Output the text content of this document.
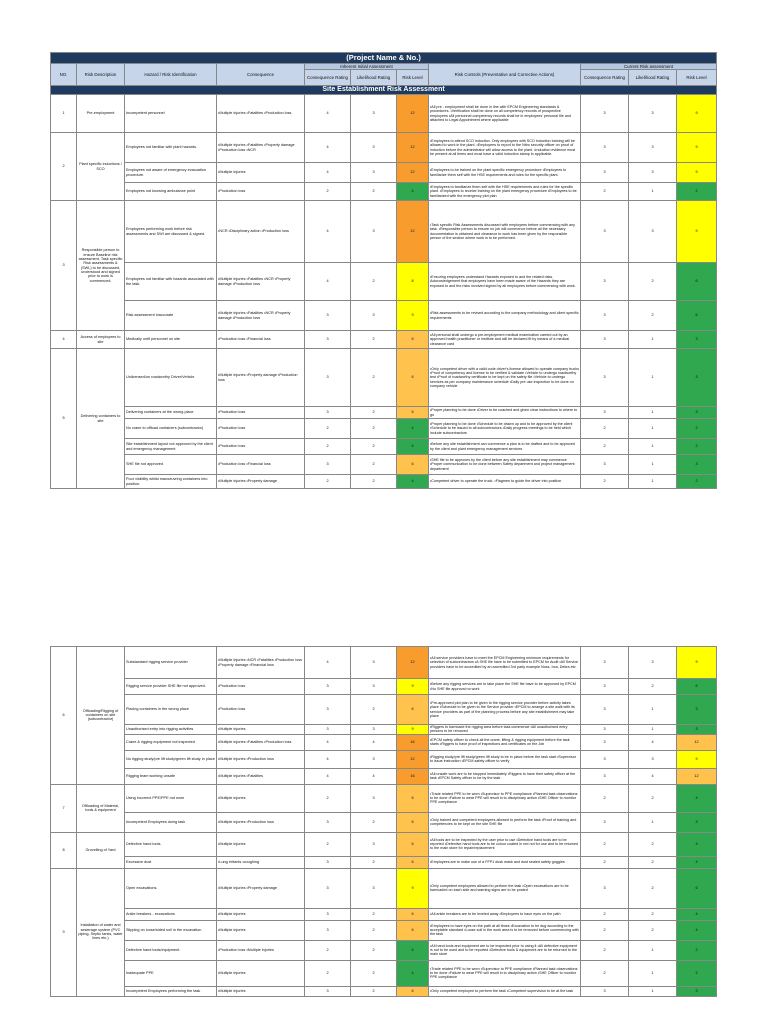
(Project Name & No.)										
NO.	Risk Description	Hazard / Risk Identification	Consequence	Inherent Initial Assessment			Risk Controls (Preventative and Corrective Actions)	Current Risk assessment		
				Consequence Rating	Likelihood Rating	Risk Level		Consequence Rating	Likelihood Rating	Risk Level
Site Establishment Risk Assessment										
1	Pre-employment	Incompetent personnel	•Multiple injuries •Fatalities •Production loss	4	3	12	•All pre - employment shall be done in line with EPCM Engineering standards & procedures. •Verification shall be done on all competency records of prospective employees •All personnel competency records shall be in employees' personal file and attached to Legal Appointment where applicable	3	3	9
2	Plant specific inductions / SCO	Employees not familiar with plant hazards.	•Multiple injuries •Fatalities •Property damage •Production loss •NCR	4	3	12	•Employees to attend SCO induction. Only employees with SCO induction training will be allowed to work in the plant. •Employees to report to the Nitro security officer on proof of induction before the administrator will allow access to the plant. •Induction evidence must be present at all times and must have a valid induction stamp in applicable.	3	3	9
		Employees not aware of emergency evacuation procedure.	•Multiple injuries	4	3	12	•Employees to be trained on the plant specific emergency procedure •Employees to familiarize them self with the HSE requirements and rules for the specific plant.	3	3	9
		Employees not knowing ambulance point	•Production loss	2	2	4	•Employees to familiarize them self with the HSE requirements and rules for the specific plant. •Employees to receive training on the plant emergency procedure •Employees to be familiarized with the emergency plot plan	2	1	2
3	Responsible person to ensure Baseline risk assessment, Task specific Risk assessments & (SWL) to be discussed, understood and signed prior to work is commenced.	Employees performing work before risk assessments and SWI are discussed & signed.	•NCR •Disciplinary action •Production loss	4	3	12	•Task specific Risk Assessments discussed with employees before commencing with any task. •Responsible person to ensure no job will commence before all the necessary documentation is obtained and clearance to work has been given by the responsible person of the section where work is to be performed.	3	3	9
		Employees not familiar with hazards associated with the task.	•Multiple injuries •Fatalities •NCR •Property damage •Production loss	4	2	8	•Ensuring employees understand Hazards exposed to and the related risks. Acknowledgement that employees have been made aware of the Hazards they are exposed to and the risks involved signed by all employees before commencing with work.	3	2	6
		Risk assessment inaccurate	•Multiple injuries •Fatalities •NCR •Property damage •Production loss	3	3	9	•Risk assessments to be revised according to the company methodology and client specific requirements	3	2	6
4	Access of employees to site	Medically unfit personnel on site	•Production loss •Financial loss	3	2	6	•All personal shall undergo a pre-employment medical examination carried out by an approved health practitioner or institute and will be declared fit by means of a medical clearance card	3	1	3
5	Delivering containers to site	Unlicensed/un roadworthy Driver/Vehicle	•Multiple injuries •Property damage •Production loss	3	2	6	•Only competent driver with a valid code driver's license allowed to operate company trucks •Proof of competency and license to be verified & validate •Vehicle to undergo roadworthy test •Proof of roadworthy certificate to be kept on the safety file •Vehicle to undergo services as per company maintenance schedule •Daily pre use inspection to be done on company vehicle	3	1	3
		Delivering containers at the wrong place	•Production loss	3	2	6	•Proper planning to be done •Driver to be coached and given clear instructions to where to go	3	1	3
		No crane to offload containers (subcontractor)	•Production loss	2	2	4	•Proper planning to be done •Schedule to be drawn up and to be approved by the client •Schedule to be issued to all subcontractors •Daily progress meetings to be held which include subcontractors	2	1	2
		Site establishment layout not approved by the client and emergency management	•Production loss	2	2	4	•Before any site establishment can commence a plan is to be drafted and to be approved by the client and plant emergency management services	2	1	2
		SHE file not approved	•Production loss •Financial loss	3	2	6	•SHE file to be approves by the client before any site establishment may commence •Proper communication to be done between Safety department and project management department	3	1	3
		Poor visibility whilst manoeuvring containers into position.	•Multiple injuries •Property damage	2	2	4	•Competent driver to operate the truck. •Flagmen to guide the driver into position	2	1	2
6	Offloading/Rigging of containers on site (subcontractor)	Substandard rigging service provider	•Multiple injuries •NCR •Fatalities •Production loss •Property damage •Financial loss	4	3	12	•All service providers have to meet the EPCM Engineering minimum requirements for selection of subcontractors •A SHE file have to be submitted to EPCM for Audit •All Service providers have to be accredited by an accredited 3rd party example Noss, Irca, Dekra etc.	3	3	9
		Rigging service provider SHE file not approved.	•Production loss	3	3	9	•Before any rigging services are to take place the SHE file have to be approved by EPCM •No SHE file approval no work	3	2	6
		Placing containers in the wrong place	•Production loss	3	2	6	•Pre-approved plot plan to be given to the rigging service provider before activity takes place •Schedule to be given to the Service provider •EPCM to arrange a site walk with its service providers as part of the planning process before any site establishment may take place	3	1	3
		Unauthorised entry into rigging activities	•Multiple injuries	3	3	9	•Riggers to barricade the rigging area before task commence •All unauthorised entry persons to be removed	3	1	3
		Crane & rigging equipment not inspected	•Multiple injuries •Fatalities •Production loss	4	4	16	•EPCM safety officer to check all the crane, lifting & rigging equipment before the task starts •Riggers to have proof of inspections and certificates on the Job	3	4	12
		No rigging study/pre lift study/green lift study in place	•Multiple injuries •Production loss	4	3	12	•Rigging study/pre lift study/green lift study to be in place before the task start •Supervisor to issue instruction •EPCM safety officer to verify	3	3	9
		Rigging team working unsafe	•Multiple injuries •Fatalities	4	4	16	•All unsafe work are to be stopped immediately •Riggers to have their safety officer at the task •EPCM Safety officer to be by the task	3	4	12
7	Offloading of Material, tools & equipment	Using incorrect PPE/PPE not worn	•Multiple injuries	2	3	6	•Trade related PPE to be worn •Supervisor to PPE compliance •Planned task observations to be done •Failure to wear PPE will result in to disciplinary action •SHE Officer to monitor PPE compliance	2	2	4
		Incompetent Employees doing task	•Multiple injuries •Production loss	3	2	6	•Only trained and competent employees allowed to perform the task •Proof of training and competencies to be kept on the site SHE file	3	1	3
8	Grovelling of Yard	Defective hand tools.	•Multiple injuries	2	3	6	•All tools are to be inspected by the user prior to use •Defective hand tools are to be reported •Defective hand tools are to be colour coated in red not for use and to be returned to the main store for repair/replacement	2	2	4
		Excessive dust	•Lung irritants •coughing	3	2	6	•Employees are to make use of a FFP1 dusk mask and dust sealed safety goggles	2	2	4
9	Installation of water and sewerage system (PVC piping, Septic tanks, water lines etc.)	Open excavations.	•Multiple injuries •Property damage	3	3	9	•Only competent employees allowed to perform the task •Open excavations are to be barricaded on each side and warning signs are to be posted	3	2	6
		Ankle breakers - excavations	•Multiple injuries	3	2	6	•All ankle breakers are to be leveled away •Employees to have eyes on the path	2	2	4
		Slipping on loose/sided soil in the excavation	•Multiple injuries	3	2	6	•Employees to have eyes on the path at all times •Excavation to be dug according to the acceptable standard •Loose soil in the work area is to be removed before commencing with the task	2	2	4
		Defective hand tools/equipment.	•Production loss •Multiple injuries	2	2	4	•All hand tools and equipment are to be inspected prior to using it •All defective equipment is not to be used and to be reported •Defective tools & equipment are to be returned to the main store	2	1	2
		Inadequate PPE	•Multiple injuries	2	2	4	•Trade related PPE to be worn •Supervisor to PPE compliance •Planned task observations to be done •Failure to wear PPE will result in to disciplinary action •SHE Officer to monitor PPE compliance	2	1	2
		Incompetent Employees performing the task	•Multiple injuries	3	2	6	•Only competent employee to perform the task •Competent supervision to be at the task	3	1	3
